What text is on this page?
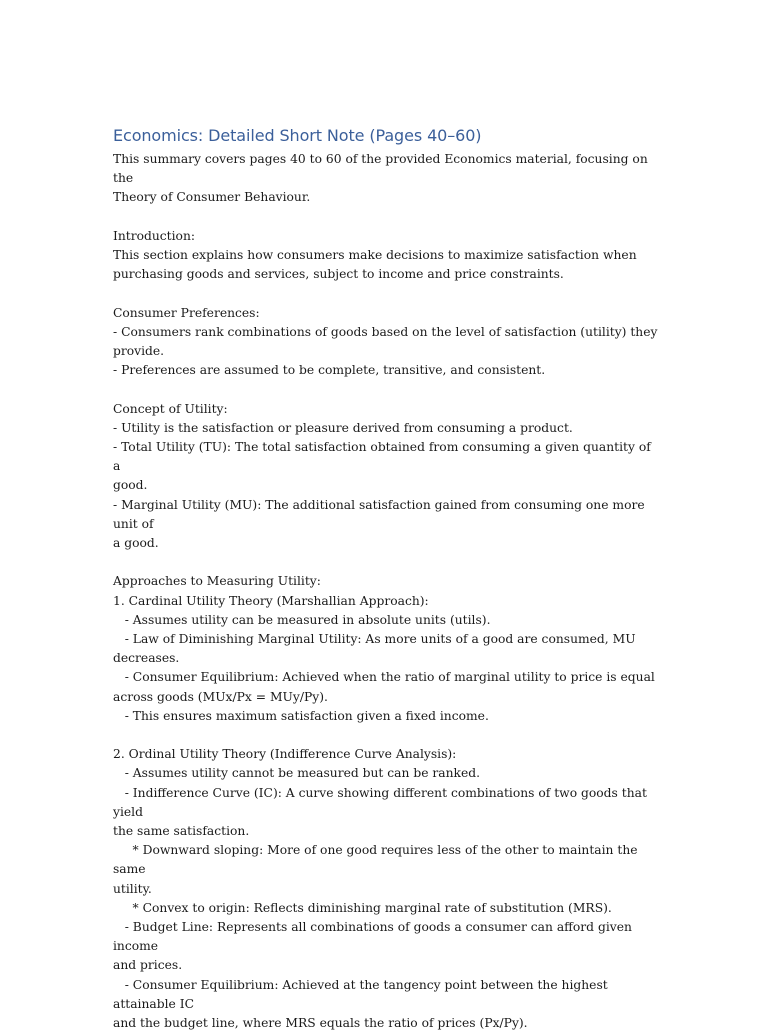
Economics: Detailed Short Note (Pages 40–60)

This summary covers pages 40 to 60 of the provided Economics material, focusing on the

Theory of Consumer Behaviour.

Introduction:

This section explains how consumers make decisions to maximize satisfaction when

purchasing goods and services, subject to income and price constraints.

Consumer Preferences:

- Consumers rank combinations of goods based on the level of satisfaction (utility) they

provide.

- Preferences are assumed to be complete, transitive, and consistent.

Concept of Utility:

- Utility is the satisfaction or pleasure derived from consuming a product.

- Total Utility (TU): The total satisfaction obtained from consuming a given quantity of a

good.

- Marginal Utility (MU): The additional satisfaction gained from consuming one more unit of

a good.

Approaches to Measuring Utility:

1. Cardinal Utility Theory (Marshallian Approach):

- Assumes utility can be measured in absolute units (utils).

- Law of Diminishing Marginal Utility: As more units of a good are consumed, MU

decreases.

- Consumer Equilibrium: Achieved when the ratio of marginal utility to price is equal

across goods (MUx/Px = MUy/Py).

- This ensures maximum satisfaction given a fixed income.

2. Ordinal Utility Theory (Indifference Curve Analysis):

- Assumes utility cannot be measured but can be ranked.

- Indifference Curve (IC): A curve showing different combinations of two goods that yield

the same satisfaction.

* Downward sloping: More of one good requires less of the other to maintain the same

utility.

* Convex to origin: Reflects diminishing marginal rate of substitution (MRS).

- Budget Line: Represents all combinations of goods a consumer can afford given income

and prices.

- Consumer Equilibrium: Achieved at the tangency point between the highest attainable IC

and the budget line, where MRS equals the ratio of prices (Px/Py).
